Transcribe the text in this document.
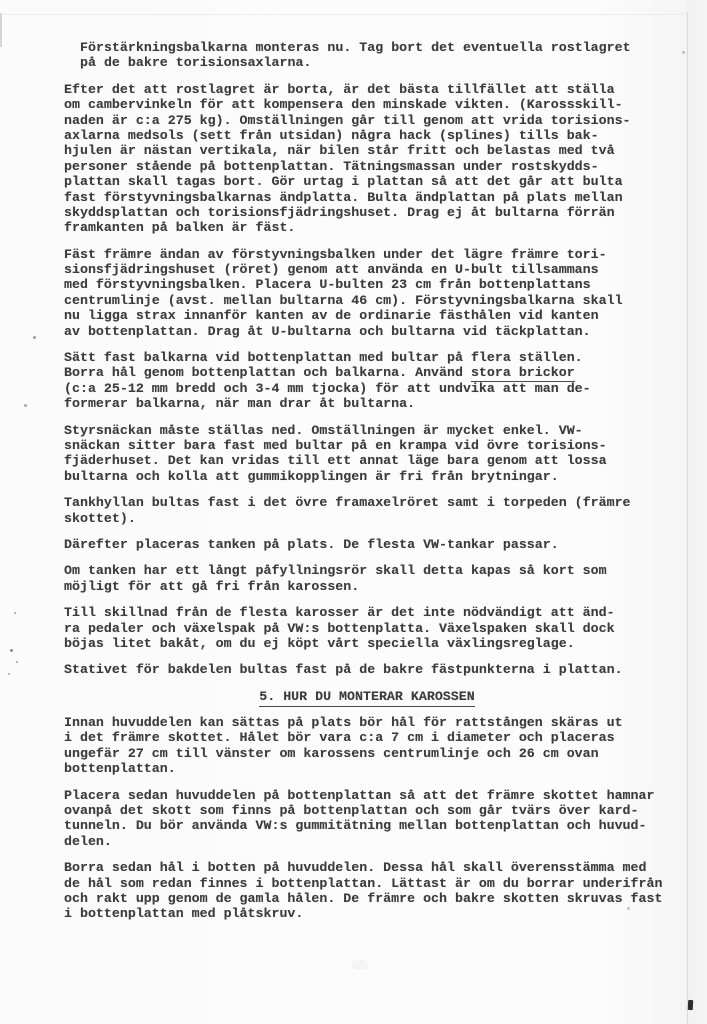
Förstärkningsbalkarna monteras nu. Tag bort det eventuella rostlagret
på de bakre torisionsaxlarna.
Efter det att rostlagret är borta, är det bästa tillfället att ställa
om cambervinkeln för att kompensera den minskade vikten. (Karossskill-
naden är c:a 275 kg). Omställningen går till genom att vrida torisions-
axlarna medsols (sett från utsidan) några hack (splines) tills bak-
hjulen är nästan vertikala, när bilen står fritt och belastas med två
personer stående på bottenplattan. Tätningsmassan under rostskydds-
plattan skall tagas bort. Gör urtag i plattan så att det går att bulta
fast förstyvningsbalkarnas ändplatta. Bulta ändplattan på plats mellan
skyddsplattan och torisionsfjädringshuset. Drag ej åt bultarna förrän
framkanten på balken är fäst.
Fäst främre ändan av förstyvningsbalken under det lägre främre tori-
sionsfjädringshuset (röret) genom att använda en U-bult tillsammans
med förstyvningsbalken. Placera U-bulten 23 cm från bottenplattans
centrumlinje (avst. mellan bultarna 46 cm). Förstyvningsbalkarna skall
nu ligga strax innanför kanten av de ordinarie fästhålen vid kanten
av bottenplattan. Drag åt U-bultarna och bultarna vid täckplattan.
Sätt fast balkarna vid bottenplattan med bultar på flera ställen.
Borra hål genom bottenplattan och balkarna. Använd stora brickor
(c:a 25-12 mm bredd och 3-4 mm tjocka) för att undvika att man de-
formerar balkarna, när man drar åt bultarna.
Styrsnäckan måste ställas ned. Omställningen är mycket enkel. VW-
snäckan sitter bara fast med bultar på en krampa vid övre torisions-
fjäderhuset. Det kan vridas till ett annat läge bara genom att lossa
bultarna och kolla att gummikopplingen är fri från brytningar.
Tankhyllan bultas fast i det övre framaxelröret samt i torpeden (främre
skottet).
Därefter placeras tanken på plats. De flesta VW-tankar passar.
Om tanken har ett långt påfyllningsrör skall detta kapas så kort som
möjligt för att gå fri från karossen.
Till skillnad från de flesta karosser är det inte nödvändigt att änd-
ra pedaler och växelspak på VW:s bottenplatta. Växelspaken skall dock
böjas litet bakåt, om du ej köpt vårt speciella växlingsreglage.
Stativet för bakdelen bultas fast på de bakre fästpunkterna i plattan.
5. HUR DU MONTERAR KAROSSEN
Innan huvuddelen kan sättas på plats bör hål för rattstången skäras ut
i det främre skottet. Hålet bör vara c:a 7 cm i diameter och placeras
ungefär 27 cm till vänster om karossens centrumlinje och 26 cm ovan
bottenplattan.
Placera sedan huvuddelen på bottenplattan så att det främre skottet hamnar
ovanpå det skott som finns på bottenplattan och som går tvärs över kard-
tunneln. Du bör använda VW:s gummitätning mellan bottenplattan och huvud-
delen.
Borra sedan hål i botten på huvuddelen. Dessa hål skall överensstämma med
de hål som redan finnes i bottenplattan. Lättast är om du borrar underifrån
och rakt upp genom de gamla hålen. De främre och bakre skotten skruvas fast
i bottenplattan med plåtskruv.
